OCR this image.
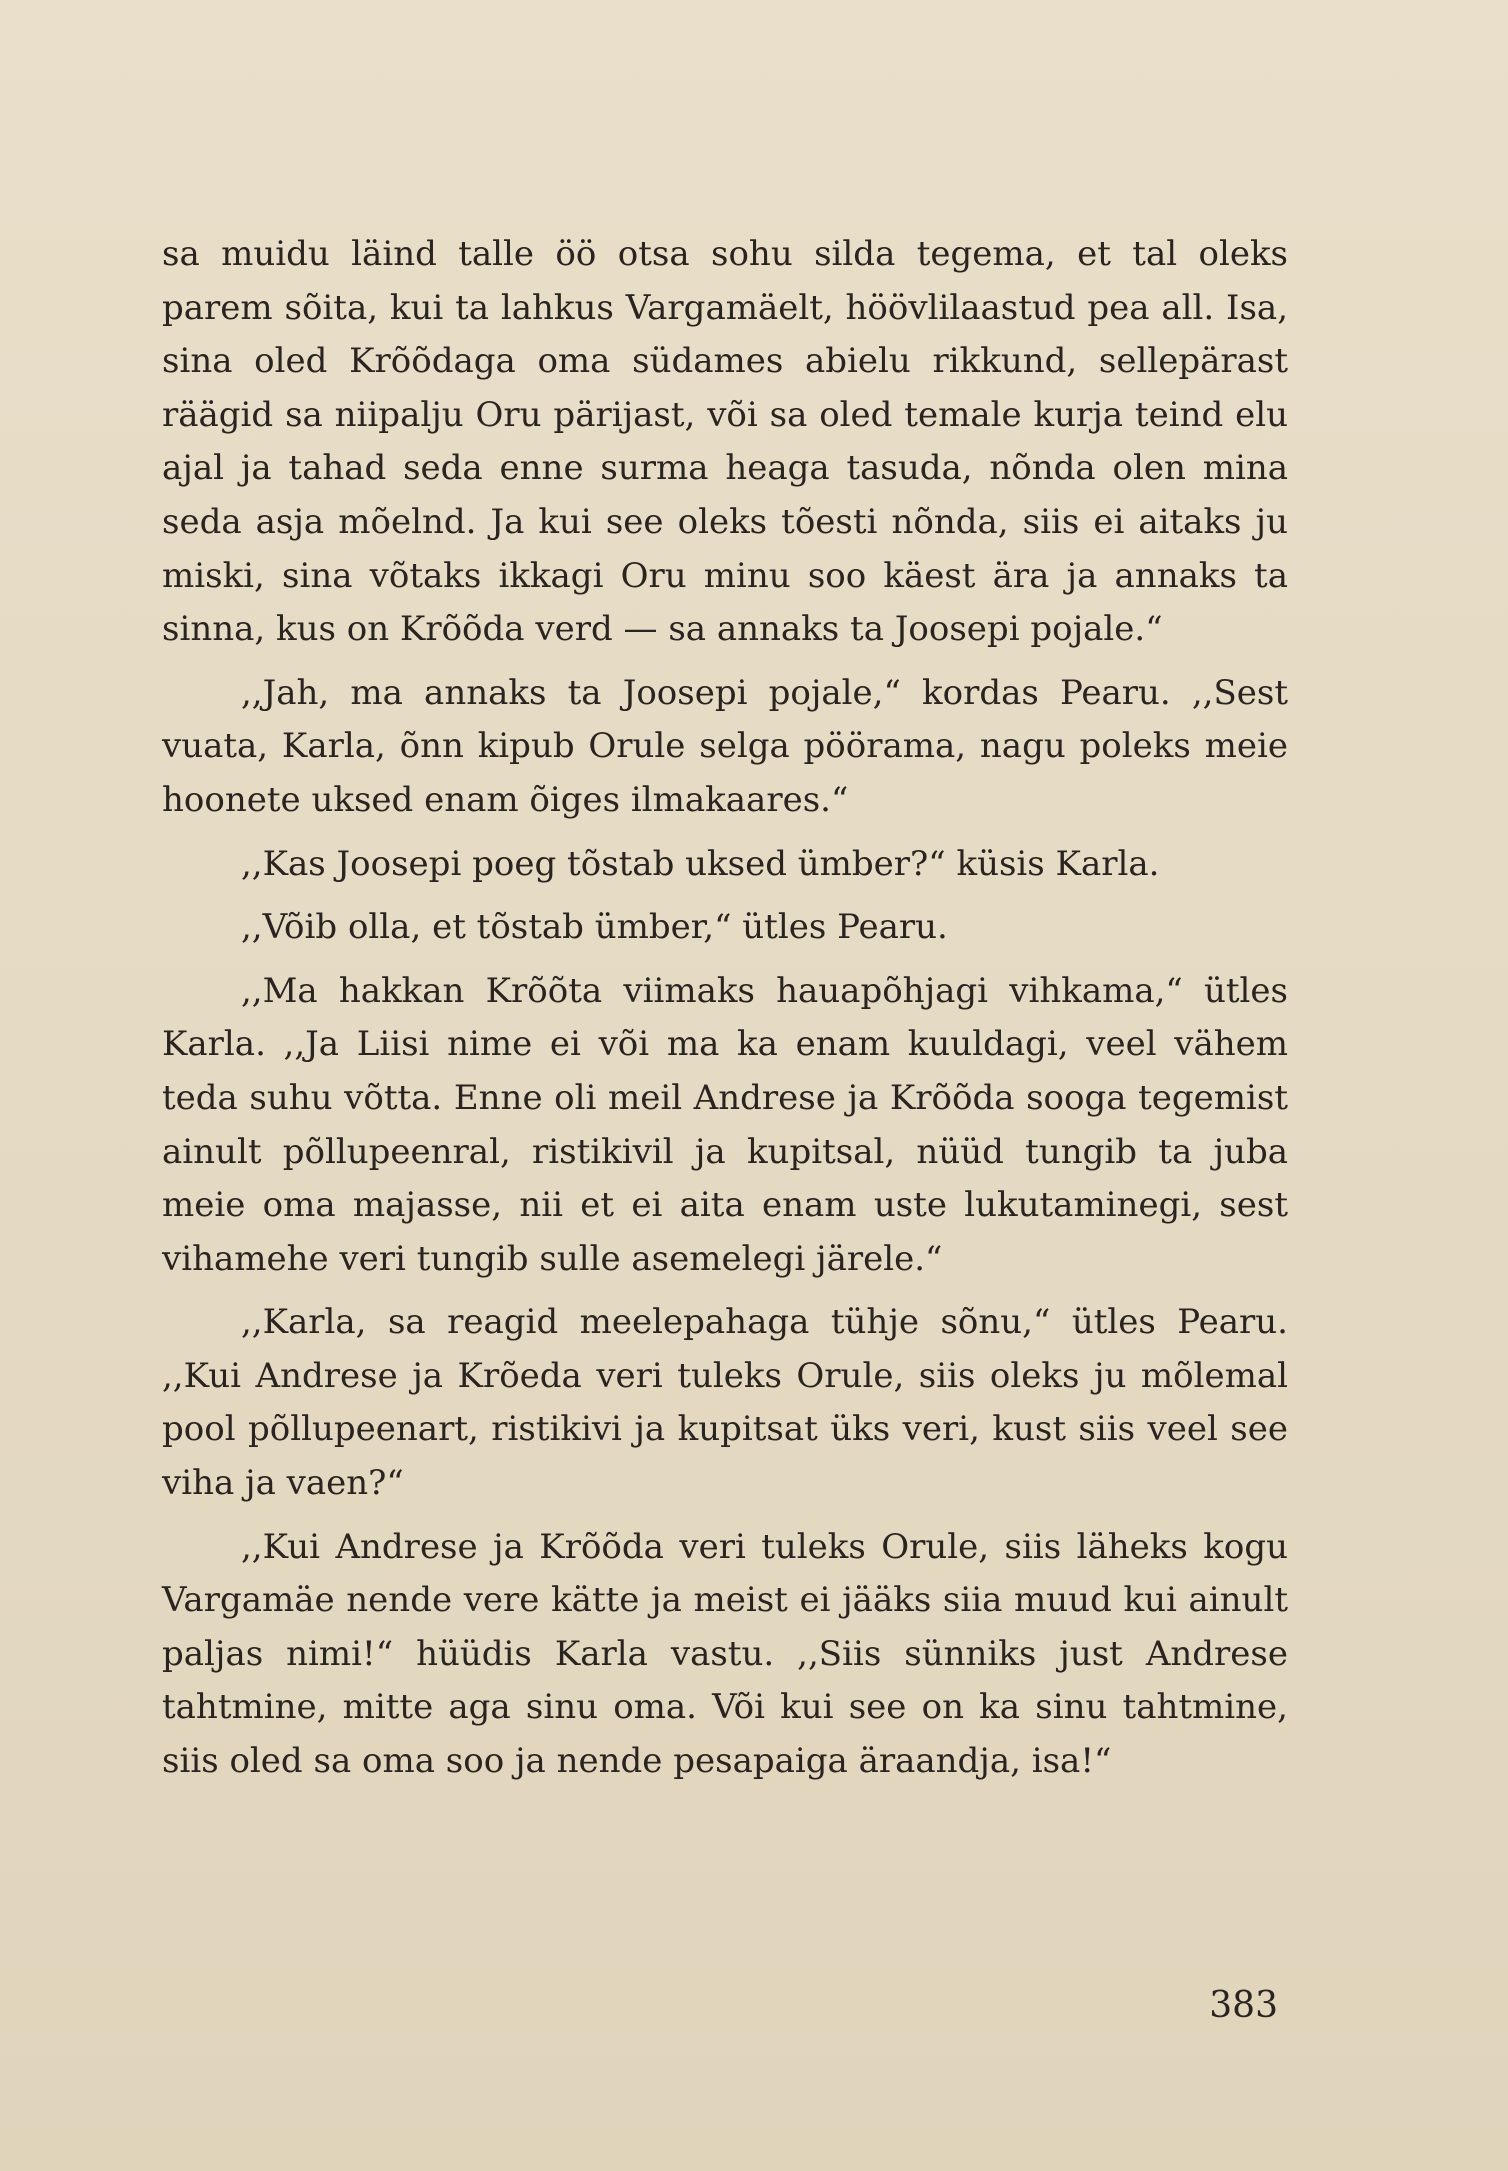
sa muidu läind talle öö otsa sohu silda tegema, et tal oleks parem sõita, kui ta lahkus Vargamäelt, höövlilaastud pea all. Isa, sina oled Krõõdaga oma südames abielu rikkund, sellepärast räägid sa niipalju Oru pärijast, või sa oled temale kurja teind elu ajal ja tahad seda enne surma heaga tasuda, nõnda olen mina seda asja mõelnd. Ja kui see oleks tõesti nõnda, siis ei aitaks ju miski, sina võtaks ikkagi Oru minu soo käest ära ja annaks ta sinna, kus on Krõõda verd — sa annaks ta Joosepi pojale.“

,,Jah, ma annaks ta Joosepi pojale,“ kordas Pearu. ,,Sest vuata, Karla, õnn kipub Orule selga pöörama, nagu poleks meie hoonete uksed enam õiges ilmakaares.“

,,Kas Joosepi poeg tõstab uksed ümber?“ küsis Karla.

,,Võib olla, et tõstab ümber,“ ütles Pearu.

,,Ma hakkan Krõõta viimaks hauapõhjagi vihkama,“ ütles Karla. ,,Ja Liisi nime ei või ma ka enam kuuldagi, veel vähem teda suhu võtta. Enne oli meil Andrese ja Krõõda sooga tegemist ainult põllupeenral, ristikivil ja kupitsal, nüüd tungib ta juba meie oma majasse, nii et ei aita enam uste lukutaminegi, sest vihamehe veri tungib sulle asemelegi järele.“

,,Karla, sa reagid meelepahaga tühje sõnu,“ ütles Pearu. ,,Kui Andrese ja Krõeda veri tuleks Orule, siis oleks ju mõlemal pool põllupeenart, ristikivi ja kupitsat üks veri, kust siis veel see viha ja vaen?“

,,Kui Andrese ja Krõõda veri tuleks Orule, siis läheks kogu Vargamäe nende vere kätte ja meist ei jääks siia muud kui ainult paljas nimi!“ hüüdis Karla vastu. ,,Siis sünniks just Andrese tahtmine, mitte aga sinu oma. Või kui see on ka sinu tahtmine, siis oled sa oma soo ja nende pesapaiga äraandja, isa!“

383
